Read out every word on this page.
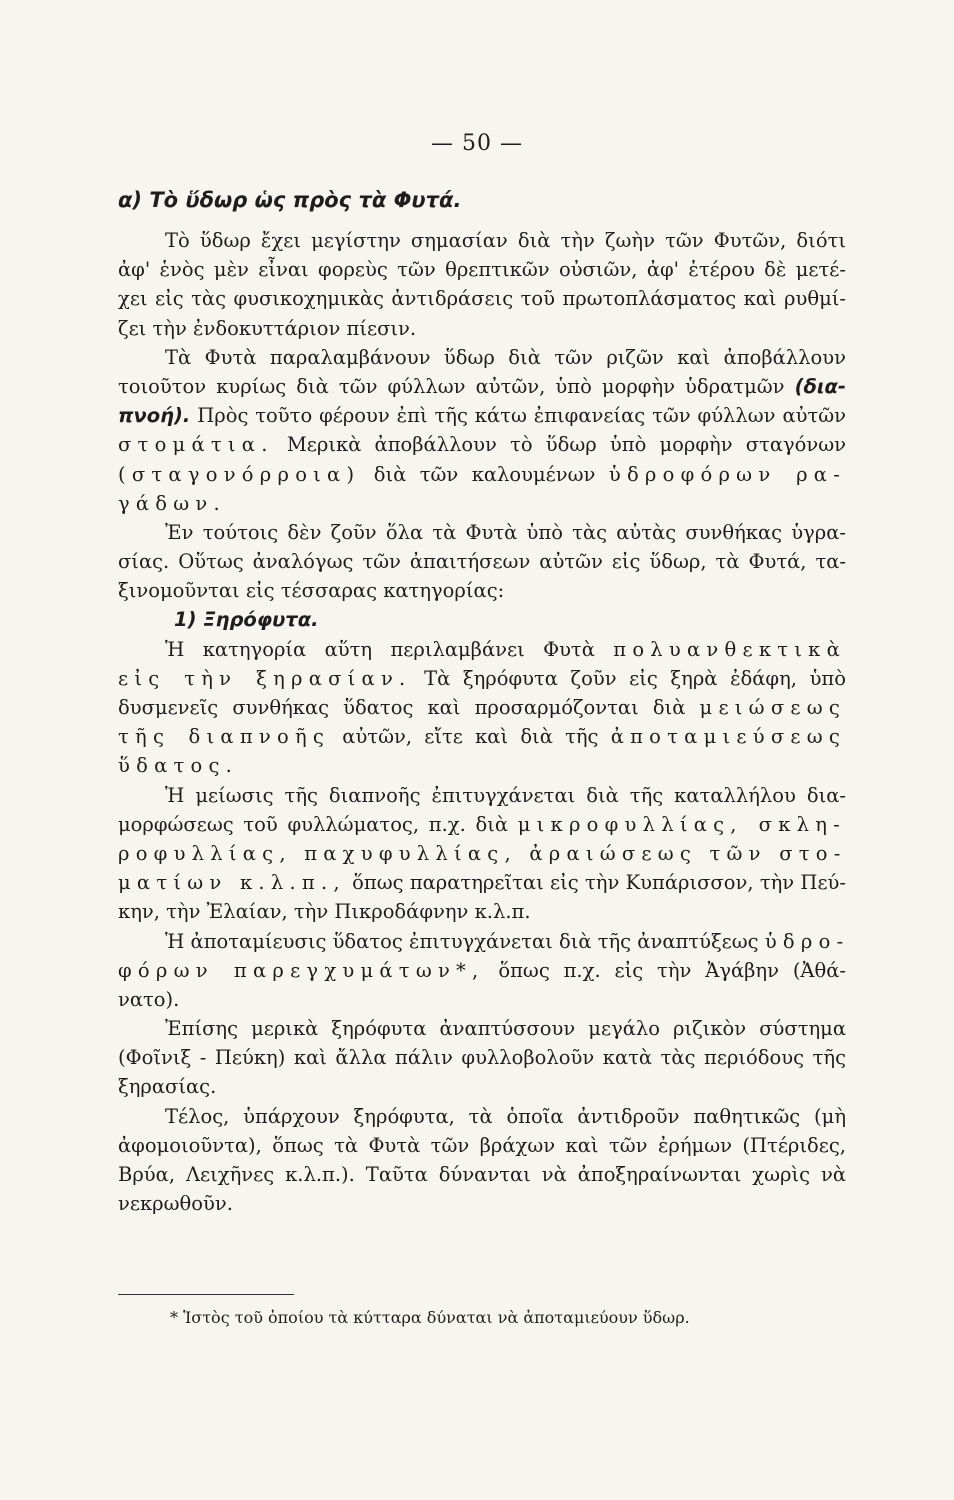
— 50 —
α) Τὸ ὕδωρ ὡς πρὸς τὰ Φυτά.
Τὸ ὕδωρ ἔχει μεγίστην σημασίαν διὰ τὴν ζωὴν τῶν Φυτῶν, διότι
ἀφ' ἑνὸς μὲν εἶναι φορεὺς τῶν θρεπτικῶν οὐσιῶν, ἀφ' ἑτέρου δὲ μετέ-
χει εἰς τὰς φυσικοχημικὰς ἀντιδράσεις τοῦ πρωτοπλάσματος καὶ ρυθμί-
ζει τὴν ἐνδοκυττάριον πίεσιν.
Τὰ Φυτὰ παραλαμβάνουν ὕδωρ διὰ τῶν ριζῶν καὶ ἀποβάλλουν
τοιοῦτον κυρίως διὰ τῶν φύλλων αὐτῶν, ὑπὸ μορφὴν ὑδρατμῶν (δια-
πνοή). Πρὸς τοῦτο φέρουν ἐπὶ τῆς κάτω ἐπιφανείας τῶν φύλλων αὐτῶν
στομάτια. Μερικὰ ἀποβάλλουν τὸ ὕδωρ ὑπὸ μορφὴν σταγόνων
(σταγονόρροια) διὰ τῶν καλουμένων ὑδροφόρων ρα-
γάδων.
Ἐν τούτοις δὲν ζοῦν ὅλα τὰ Φυτὰ ὑπὸ τὰς αὐτὰς συνθήκας ὑγρα-
σίας. Οὕτως ἀναλόγως τῶν ἀπαιτήσεων αὐτῶν εἰς ὕδωρ, τὰ Φυτά, τα-
ξινομοῦνται εἰς τέσσαρας κατηγορίας:
1) Ξηρόφυτα.
Ἡ κατηγορία αὕτη περιλαμβάνει Φυτὰ πολυανθεκτικὰ
εἰς τὴν ξηρασίαν. Τὰ ξηρόφυτα ζοῦν εἰς ξηρὰ ἐδάφη, ὑπὸ
δυσμενεῖς συνθήκας ὕδατος καὶ προσαρμόζονται διὰ μειώσεως
τῆς διαπνοῆς αὐτῶν, εἴτε καὶ διὰ τῆς ἀποταμιεύσεως
ὕδατος.
Ἡ μείωσις τῆς διαπνοῆς ἐπιτυγχάνεται διὰ τῆς καταλλήλου δια-
μορφώσεως τοῦ φυλλώματος, π.χ. διὰ μικροφυλλίας, σκλη-
ροφυλλίας, παχυφυλλίας, ἀραιώσεως τῶν στο-
ματίων κ.λ.π., ὅπως παρατηρεῖται εἰς τὴν Κυπάρισσον, τὴν Πεύ-
κην, τὴν Ἐλαίαν, τὴν Πικροδάφνην κ.λ.π.
Ἡ ἀποταμίευσις ὕδατος ἐπιτυγχάνεται διὰ τῆς ἀναπτύξεως ὑδρο-
φόρων παρεγχυμάτων*, ὅπως π.χ. εἰς τὴν Ἀγάβην (Ἀθά-
νατο).
Ἐπίσης μερικὰ ξηρόφυτα ἀναπτύσσουν μεγάλο ριζικὸν σύστημα
(Φοῖνιξ - Πεύκη) καὶ ἄλλα πάλιν φυλλοβολοῦν κατὰ τὰς περιόδους τῆς
ξηρασίας.
Τέλος, ὑπάρχουν ξηρόφυτα, τὰ ὁποῖα ἀντιδροῦν παθητικῶς (μὴ
ἀφομοιοῦντα), ὅπως τὰ Φυτὰ τῶν βράχων καὶ τῶν ἐρήμων (Πτέριδες,
Βρύα, Λειχῆνες κ.λ.π.). Ταῦτα δύνανται νὰ ἀποξηραίνωνται χωρὶς νὰ
νεκρωθοῦν.
* Ἱστὸς τοῦ ὁποίου τὰ κύτταρα δύναται νὰ ἀποταμιεύουν ὕδωρ.
